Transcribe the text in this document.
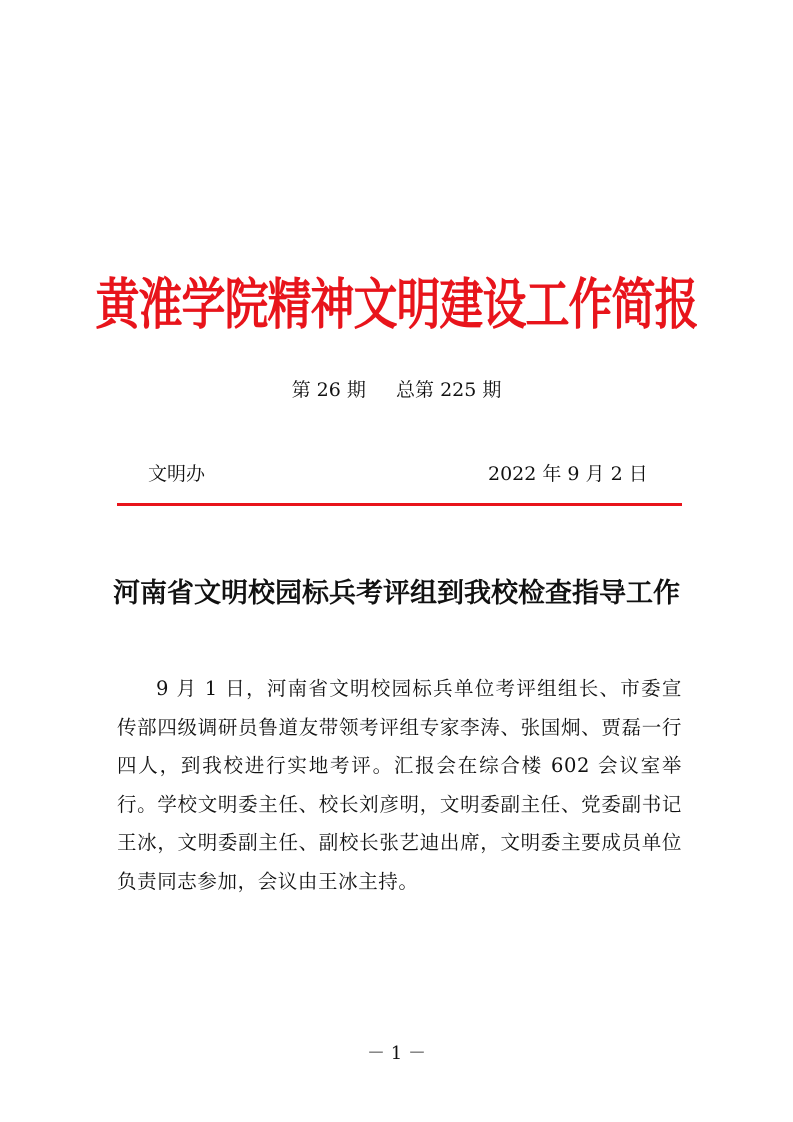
黄淮学院精神文明建设工作简报
第 26 期     总第 225 期
文明办	2022 年 9 月 2 日
河南省文明校园标兵考评组到我校检查指导工作

9 月 1 日，河南省文明校园标兵单位考评组组长、市委宣传部四级调研员鲁道友带领考评组专家李涛、张国炯、贾磊一行四人，到我校进行实地考评。汇报会在综合楼 602 会议室举行。学校文明委主任、校长刘彦明，文明委副主任、党委副书记王冰，文明委副主任、副校长张艺迪出席，文明委主要成员单位负责同志参加，会议由王冰主持。

－ 1 －
